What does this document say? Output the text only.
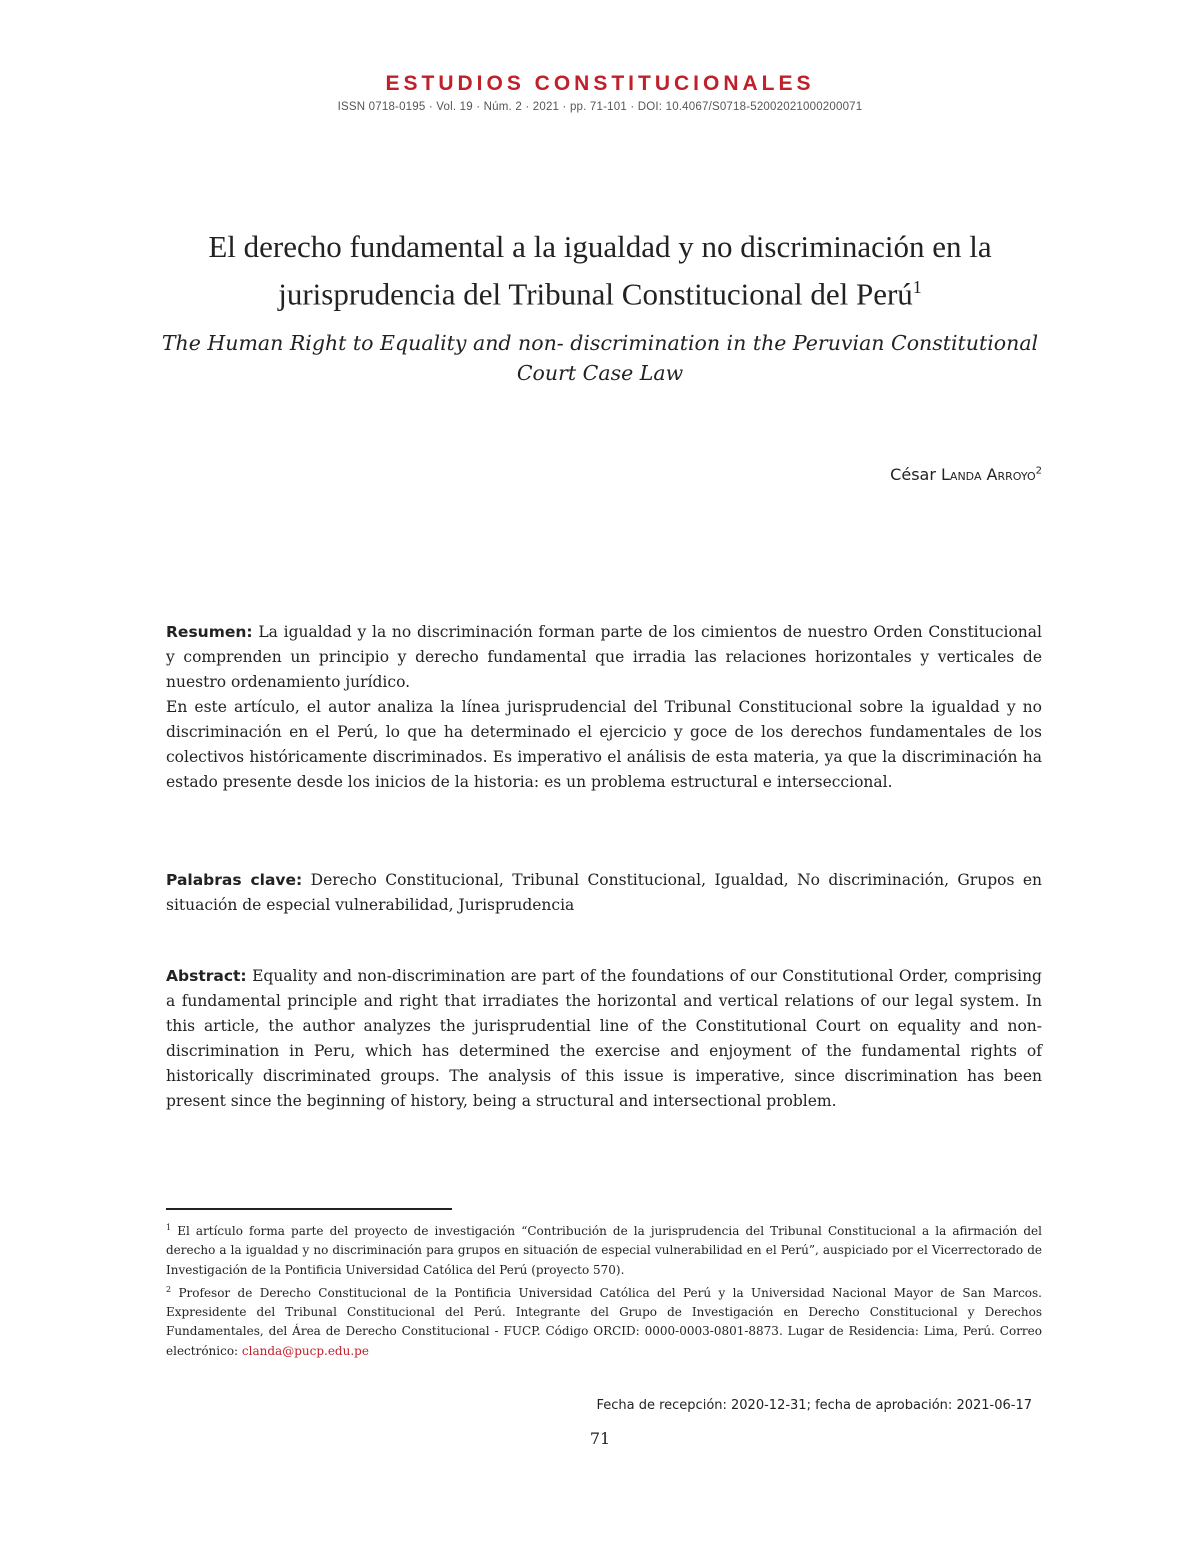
ESTUDIOS CONSTITUCIONALES
ISSN 0718-0195 · Vol. 19 · Núm. 2 · 2021 · pp. 71-101 · DOI: 10.4067/S0718-52002021000200071
El derecho fundamental a la igualdad y no discriminación en la jurisprudencia del Tribunal Constitucional del Perú$^1$
The Human Right to Equality and non- discrimination in the Peruvian Constitutional Court Case Law
César Landa Arroyo$^2$

Resumen: La igualdad y la no discriminación forman parte de los cimientos de nuestro Orden Constitucional y comprenden un principio y derecho fundamental que irradia las relaciones horizontales y verticales de nuestro ordenamiento jurídico.

En este artículo, el autor analiza la línea jurisprudencial del Tribunal Constitucional sobre la igualdad y no discriminación en el Perú, lo que ha determinado el ejercicio y goce de los derechos fundamentales de los colectivos históricamente discriminados. Es imperativo el análisis de esta materia, ya que la discriminación ha estado presente desde los inicios de la historia: es un problema estructural e interseccional.

Palabras clave: Derecho Constitucional, Tribunal Constitucional, Igualdad, No discriminación, Grupos en situación de especial vulnerabilidad, Jurisprudencia

Abstract: Equality and non-discrimination are part of the foundations of our Constitutional Order, comprising a fundamental principle and right that irradiates the horizontal and vertical relations of our legal system. In this article, the author analyzes the jurisprudential line of the Constitutional Court on equality and non-discrimination in Peru, which has determined the exercise and enjoyment of the fundamental rights of historically discriminated groups. The analysis of this issue is imperative, since discrimination has been present since the beginning of history, being a structural and intersectional problem.

$^1$ El artículo forma parte del proyecto de investigación “Contribución de la jurisprudencia del Tribunal Constitucional a la afirmación del derecho a la igualdad y no discriminación para grupos en situación de especial vulnerabilidad en el Perú”, auspiciado por el Vicerrectorado de Investigación de la Pontificia Universidad Católica del Perú (proyecto 570).

$^2$ Profesor de Derecho Constitucional de la Pontificia Universidad Católica del Perú y la Universidad Nacional Mayor de San Marcos. Expresidente del Tribunal Constitucional del Perú. Integrante del Grupo de Investigación en Derecho Constitucional y Derechos Fundamentales, del Área de Derecho Constitucional - FUCP. Código ORCID: 0000-0003-0801-8873. Lugar de Residencia: Lima, Perú. Correo electrónico: clanda@pucp.edu.pe

Fecha de recepción: 2020-12-31; fecha de aprobación: 2021-06-17
71
